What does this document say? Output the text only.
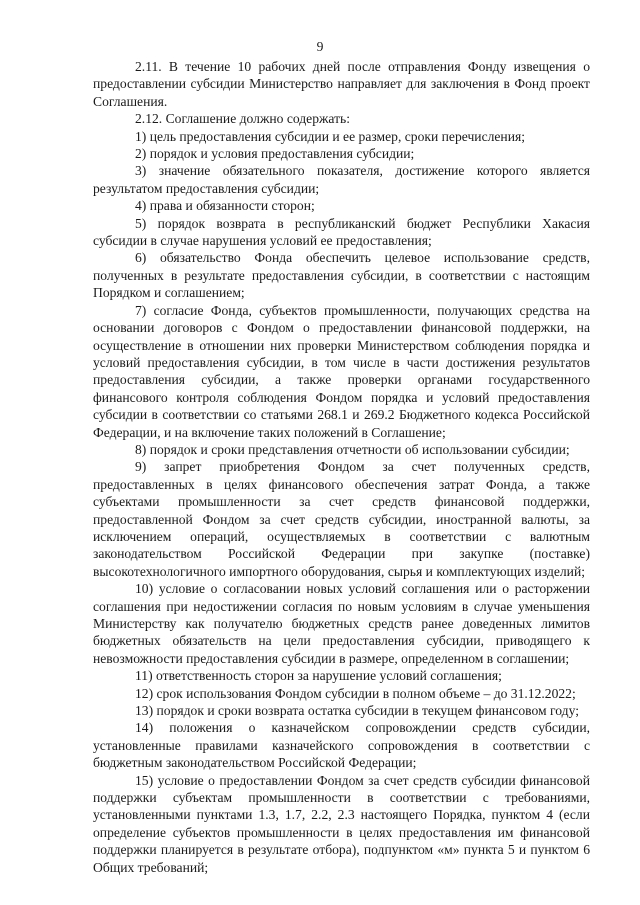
9

2.11. В течение 10 рабочих дней после отправления Фонду извещения о предоставлении субсидии Министерство направляет для заключения в Фонд проект Соглашения.

2.12. Соглашение должно содержать:

1) цель предоставления субсидии и ее размер, сроки перечисления;

2) порядок и условия предоставления субсидии;

3) значение обязательного показателя, достижение которого является результатом предоставления субсидии;

4) права и обязанности сторон;

5) порядок возврата в республиканский бюджет Республики Хакасия субсидии в случае нарушения условий ее предоставления;

6) обязательство Фонда обеспечить целевое использование средств, полученных в результате предоставления субсидии, в соответствии с настоящим Порядком и соглашением;

7) согласие Фонда, субъектов промышленности, получающих средства на основании договоров с Фондом о предоставлении финансовой поддержки, на осуществление в отношении них проверки Министерством соблюдения порядка и условий предоставления субсидии, в том числе в части достижения результатов предоставления субсидии, а также проверки органами государственного финансового контроля соблюдения Фондом порядка и условий предоставления субсидии в соответствии со статьями 268.1 и 269.2 Бюджетного кодекса Российской Федерации, и на включение таких положений в Соглашение;

8) порядок и сроки представления отчетности об использовании субсидии;

9) запрет приобретения Фондом за счет полученных средств, предоставленных в целях финансового обеспечения затрат Фонда, а также субъектами промышленности за счет средств финансовой поддержки, предоставленной Фондом за счет средств субсидии, иностранной валюты, за исключением операций, осуществляемых в соответствии с валютным законодательством Российской Федерации при закупке (поставке) высокотехнологичного импортного оборудования, сырья и комплектующих изделий;

10) условие о согласовании новых условий соглашения или о расторжении соглашения при недостижении согласия по новым условиям в случае уменьшения Министерству как получателю бюджетных средств ранее доведенных лимитов бюджетных обязательств на цели предоставления субсидии, приводящего к невозможности предоставления субсидии в размере, определенном в соглашении;

11) ответственность сторон за нарушение условий соглашения;

12) срок использования Фондом субсидии в полном объеме – до 31.12.2022;

13) порядок и сроки возврата остатка субсидии в текущем финансовом году;

14) положения о казначейском сопровождении средств субсидии, установленные правилами казначейского сопровождения в соответствии с бюджетным законодательством Российской Федерации;

15) условие о предоставлении Фондом за счет средств субсидии финансовой поддержки субъектам промышленности в соответствии с требованиями, установленными пунктами 1.3, 1.7, 2.2, 2.3 настоящего Порядка, пунктом 4 (если определение субъектов промышленности в целях предоставления им финансовой поддержки планируется в результате отбора), подпунктом «м» пункта 5 и пунктом 6 Общих требований;
